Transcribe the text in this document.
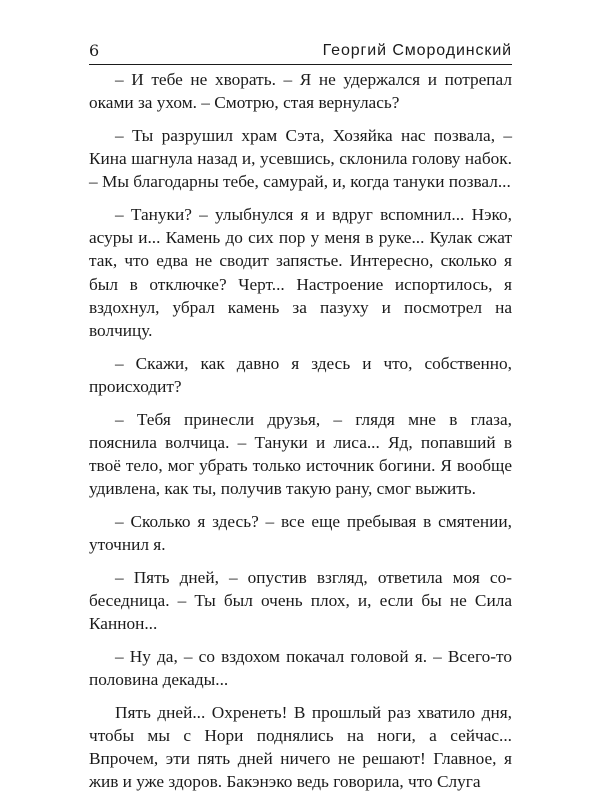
6	Георгий Смородинский

– И тебе не хворать. – Я не удержался и потрепал оками за ухом. – Смотрю, стая вернулась?

– Ты разрушил храм Сэта, Хозяйка нас позвала, – Кина шагнула назад и, усевшись, склонила голову набок. – Мы благодарны тебе, самурай, и, когда тануки позвал...

– Тануки? – улыбнулся я и вдруг вспомнил... Нэко, асуры и... Камень до сих пор у меня в руке... Кулак сжат так, что едва не сводит запястье. Интересно, сколько я был в отключке? Черт... Настроение испортилось, я вздохнул, убрал камень за пазуху и посмотрел на волчицу.

– Скажи, как давно я здесь и что, собственно, происходит?

– Тебя принесли друзья, – глядя мне в глаза, пояснила волчица. – Тануки и лиса... Яд, попавший в твоё тело, мог убрать только источник богини. Я вообще удивлена, как ты, получив такую рану, смог выжить.

– Сколько я здесь? – все еще пребывая в смятении, уточнил я.

– Пять дней, – опустив взгляд, ответила моя собеседница. – Ты был очень плох, и, если бы не Сила Каннон...

– Ну да, – со вздохом покачал головой я. – Всего-то половина декады...

Пять дней... Охренеть! В прошлый раз хватило дня, чтобы мы с Нори поднялись на ноги, а сейчас... Впрочем, эти пять дней ничего не решают! Главное, я жив и уже здоров. Бакэнэко ведь говорила, что Слуга
